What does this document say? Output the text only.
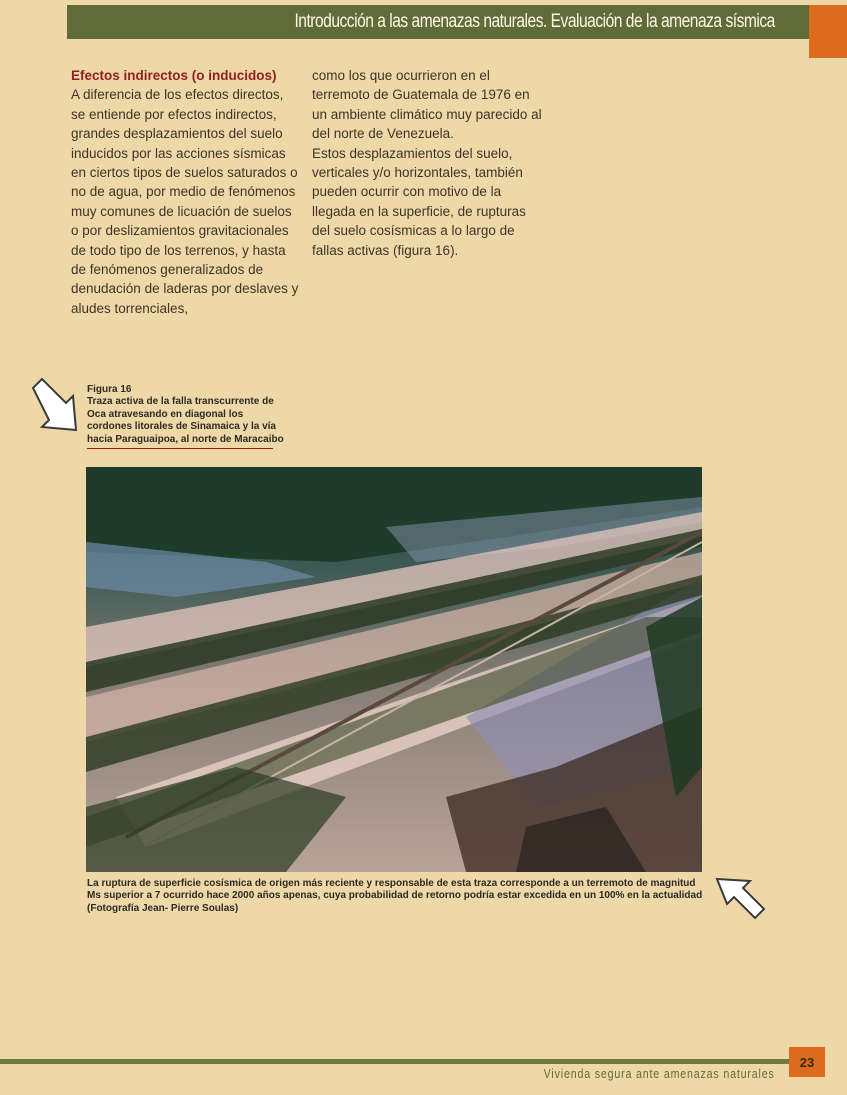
Introducción a las amenazas naturales. Evaluación de la amenaza sísmica

Efectos indirectos (o inducidos)

A diferencia de los efectos directos, se entiende por efectos indirectos, grandes desplazamientos del suelo inducidos por las acciones sísmicas en ciertos tipos de suelos saturados o no de agua, por medio de fenómenos muy comunes de licuación de suelos o por deslizamientos gravitacionales de todo tipo de los terrenos, y hasta de fenómenos generalizados de denudación de laderas por deslaves y aludes torrenciales,

como los que ocurrieron en el terremoto de Guatemala de 1976 en un ambiente climático muy parecido al del norte de Venezuela.

Estos desplazamientos del suelo, verticales y/o horizontales, también pueden ocurrir con motivo de la llegada en la superficie, de rupturas del suelo cosísmicas a lo largo de fallas activas (figura 16).

Figura 16
Traza activa de la falla transcurrente de Oca atravesando en diagonal los cordones litorales de Sinamaica y la vía hacia Paraguaipoa, al norte de Maracaibo
La ruptura de superficie cosísmica de origen más reciente y responsable de esta traza corresponde a un terremoto de magnitud Ms superior a 7 ocurrido hace 2000 años apenas, cuya probabilidad de retorno podría estar excedida en un 100% en la actualidad (Fotografía Jean- Pierre Soulas)
Vivienda segura ante amenazas naturales
23
